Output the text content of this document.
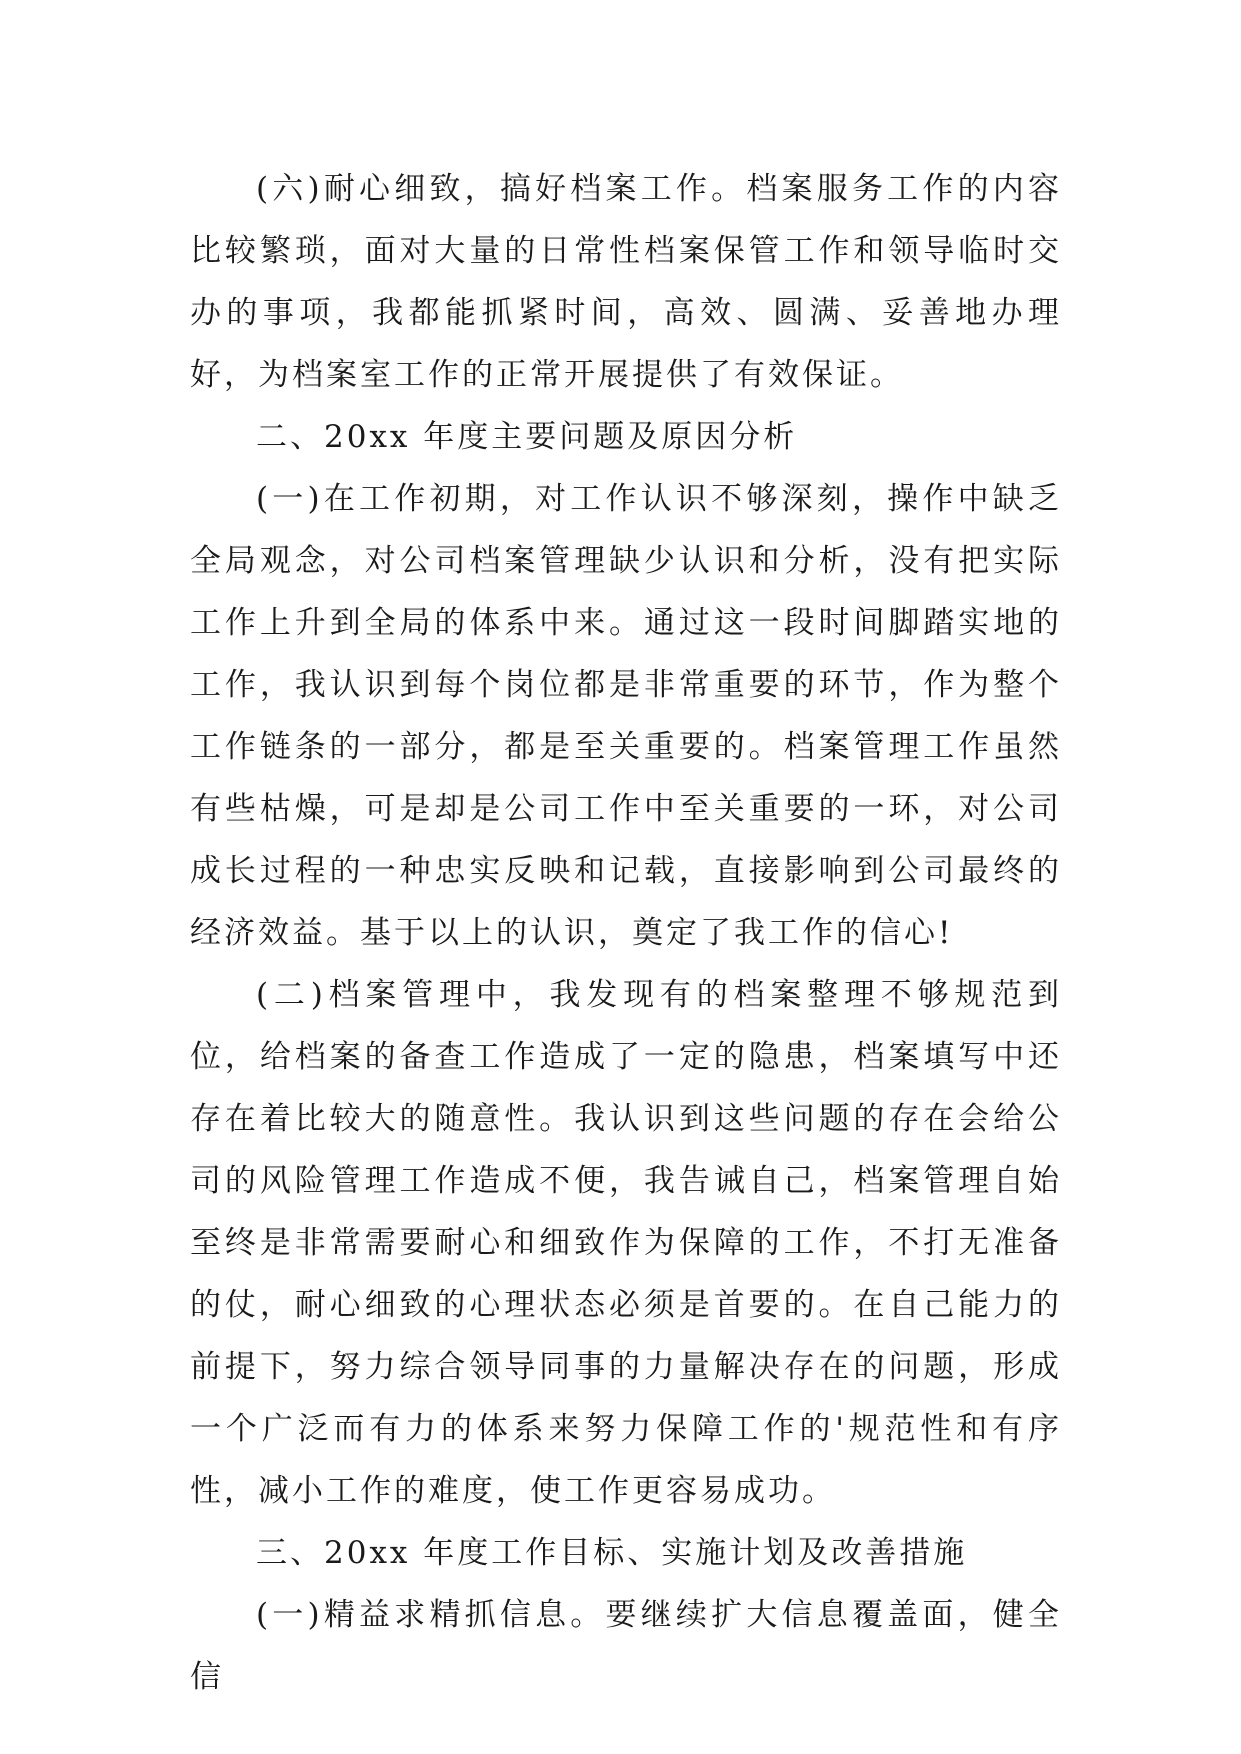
(六)耐心细致，搞好档案工作。档案服务工作的内容比较繁琐，面对大量的日常性档案保管工作和领导临时交办的事项，我都能抓紧时间，高效、圆满、妥善地办理好，为档案室工作的正常开展提供了有效保证。

二、20xx 年度主要问题及原因分析

(一)在工作初期，对工作认识不够深刻，操作中缺乏全局观念，对公司档案管理缺少认识和分析，没有把实际工作上升到全局的体系中来。通过这一段时间脚踏实地的工作，我认识到每个岗位都是非常重要的环节，作为整个工作链条的一部分，都是至关重要的。档案管理工作虽然有些枯燥，可是却是公司工作中至关重要的一环，对公司成长过程的一种忠实反映和记载，直接影响到公司最终的经济效益。基于以上的认识，奠定了我工作的信心!

(二)档案管理中，我发现有的档案整理不够规范到位，给档案的备查工作造成了一定的隐患，档案填写中还存在着比较大的随意性。我认识到这些问题的存在会给公司的风险管理工作造成不便，我告诫自己，档案管理自始至终是非常需要耐心和细致作为保障的工作，不打无准备的仗，耐心细致的心理状态必须是首要的。在自己能力的前提下，努力综合领导同事的力量解决存在的问题，形成一个广泛而有力的体系来努力保障工作的'规范性和有序性，减小工作的难度，使工作更容易成功。

三、20xx 年度工作目标、实施计划及改善措施

(一)精益求精抓信息。要继续扩大信息覆盖面，健全信
